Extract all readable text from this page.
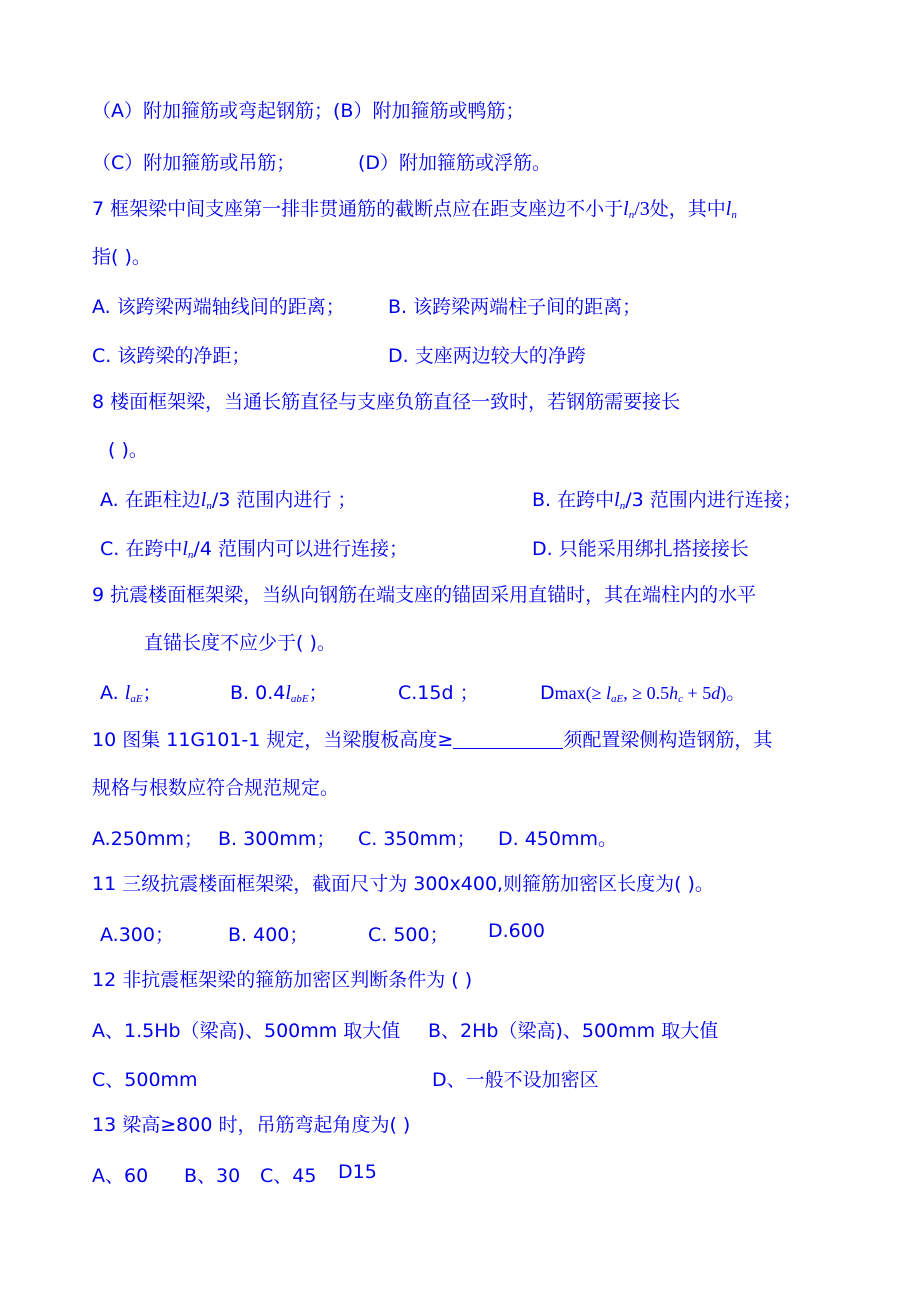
（A）附加箍筋或弯起钢筋；(B）附加箍筋或鸭筋；
（C）附加箍筋或吊筋；	(D）附加箍筋或浮筋。
7 框架梁中间支座第一排非贯通筋的截断点应在距支座边不小于$l_n/3$处，其中$l_n$
指( )。
A. 该跨梁两端轴线间的距离； B. 该跨梁两端柱子间的距离；
C. 该跨梁的净距；	D. 支座两边较大的净跨
8 楼面框架梁，当通长筋直径与支座负筋直径一致时，若钢筋需要接长
( )。
A. 在距柱边$l_n/3$ 范围内进行 ；	B. 在跨中$l_n/3$ 范围内进行连接；
C. 在跨中$l_n/4$ 范围内可以进行连接；	D. 只能采用绑扎搭接接长
9 抗震楼面框架梁，当纵向钢筋在端支座的锚固采用直锚时，其在端柱内的水平
直锚长度不应少于( )。
A. $l_{aE}$；	B. $0.4l_{abE}$；	C.15d ；	$Dmax(\ge l_{aE}$, ≥ $0.5h_c + 5d$)。
10 图集 11G101-1 规定，当梁腹板高度≥	须配置梁侧构造钢筋，其
规格与根数应符合规范规定。
A.250mm； B. 300mm； C. 350mm； D. 450mm。
11 三级抗震楼面框架梁，截面尺寸为 300x400,则箍筋加密区长度为( )。
A.300；	B. 400；	C. 500； D.600
12 非抗震框架梁的箍筋加密区判断条件为 ( )
A、1.5Hb（梁高)、500mm 取大值 B、2Hb（梁高)、500mm 取大值
C、500mm	D、一般不设加密区
13 梁高≥800 时，吊筋弯起角度为( )
A、60 B、30 C、45 D15
